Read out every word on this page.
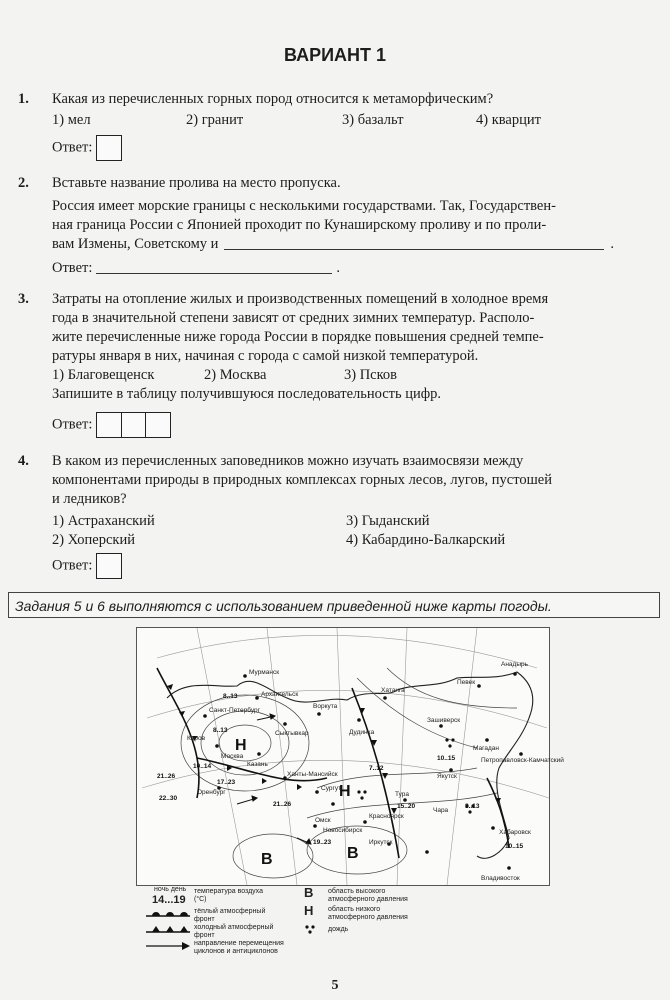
ВАРИАНТ 1
1. Какая из перечисленных горных пород относится к метаморфическим?
1) мел	2) гранит	3) базальт	4) кварцит
Ответ:
2. Вставьте название пролива на место пропуска.
Россия имеет морские границы с несколькими государствами. Так, Государствен-
ная граница России с Японией проходит по Кунаширскому проливу и по проли-
вам Измены, Советскому и	.
Ответ:	.
3. Затраты на отопление жилых и производственных помещений в холодное время
года в значительной степени зависят от средних зимних температур. Располо-
жите перечисленные ниже города России в порядке повышения средней темпе-
ратуры января в них, начиная с города с самой низкой температурой.
1) Благовещенск	2) Москва	3) Псков
Запишите в таблицу получившуюся последовательность цифр.
Ответ:
4. В каком из перечисленных заповедников можно изучать взаимосвязи между
компонентами природы в природных комплексах горных лесов, лугов, пустошей
и ледников?
1) Астраханский	3) Гыданский
2) Хоперский	4) Кабардино-Балкарский
Ответ:
Задания 5 и 6 выполняются с использованием приведенной ниже карты погоды.
Мурманск
Архангельск
Санкт-Петербург
Сыктывкар
Москва
Казань
Воркута
Дудинка
Хатанга
Певек
Анадырь
Зашиверск
Якутск
Магадан
Петропавловск-Камчатский
Киров
Ханты-Мансийск
Сургут
Омск
Новосибирск
Тура
Чара
Красноярск
Иркутск
Хабаровск
Владивосток
Оренбург
8..13
8..13
21..26
10..14
17..23
21..26
7..12
10..15
15..20	8..13
10..15
19..23
22..30
Н
Н
В	В
ночь день
14...19
температура воздуха (°С)
тёплый атмосферный фронт
холодный атмосферный фронт
направление перемещения циклонов и антициклонов
В область высокого атмосферного давления
Н область низкого атмосферного давления
дождь
5
